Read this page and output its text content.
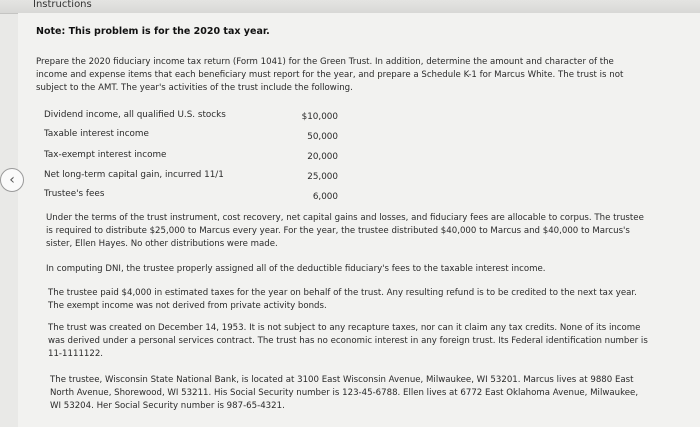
Instructions
‹
Note: This problem is for the 2020 tax year.
Prepare the 2020 fiduciary income tax return (Form 1041) for the Green Trust. In addition, determine the amount and character of the
income and expense items that each beneficiary must report for the year, and prepare a Schedule K-1 for Marcus White. The trust is not
subject to the AMT. The year's activities of the trust include the following.
Dividend income, all qualified U.S. stocks	$10,000
Taxable interest income	50,000
Tax-exempt interest income	20,000
Net long-term capital gain, incurred 11/1	25,000
Trustee's fees	6,000
Under the terms of the trust instrument, cost recovery, net capital gains and losses, and fiduciary fees are allocable to corpus. The trustee
is required to distribute $25,000 to Marcus every year. For the year, the trustee distributed $40,000 to Marcus and $40,000 to Marcus's
sister, Ellen Hayes. No other distributions were made.
In computing DNI, the trustee properly assigned all of the deductible fiduciary's fees to the taxable interest income.
The trustee paid $4,000 in estimated taxes for the year on behalf of the trust. Any resulting refund is to be credited to the next tax year.
The exempt income was not derived from private activity bonds.
The trust was created on December 14, 1953. It is not subject to any recapture taxes, nor can it claim any tax credits. None of its income
was derived under a personal services contract. The trust has no economic interest in any foreign trust. Its Federal identification number is
11-1111122.
The trustee, Wisconsin State National Bank, is located at 3100 East Wisconsin Avenue, Milwaukee, WI 53201. Marcus lives at 9880 East
North Avenue, Shorewood, WI 53211. His Social Security number is 123-45-6788. Ellen lives at 6772 East Oklahoma Avenue, Milwaukee,
WI 53204. Her Social Security number is 987-65-4321.
